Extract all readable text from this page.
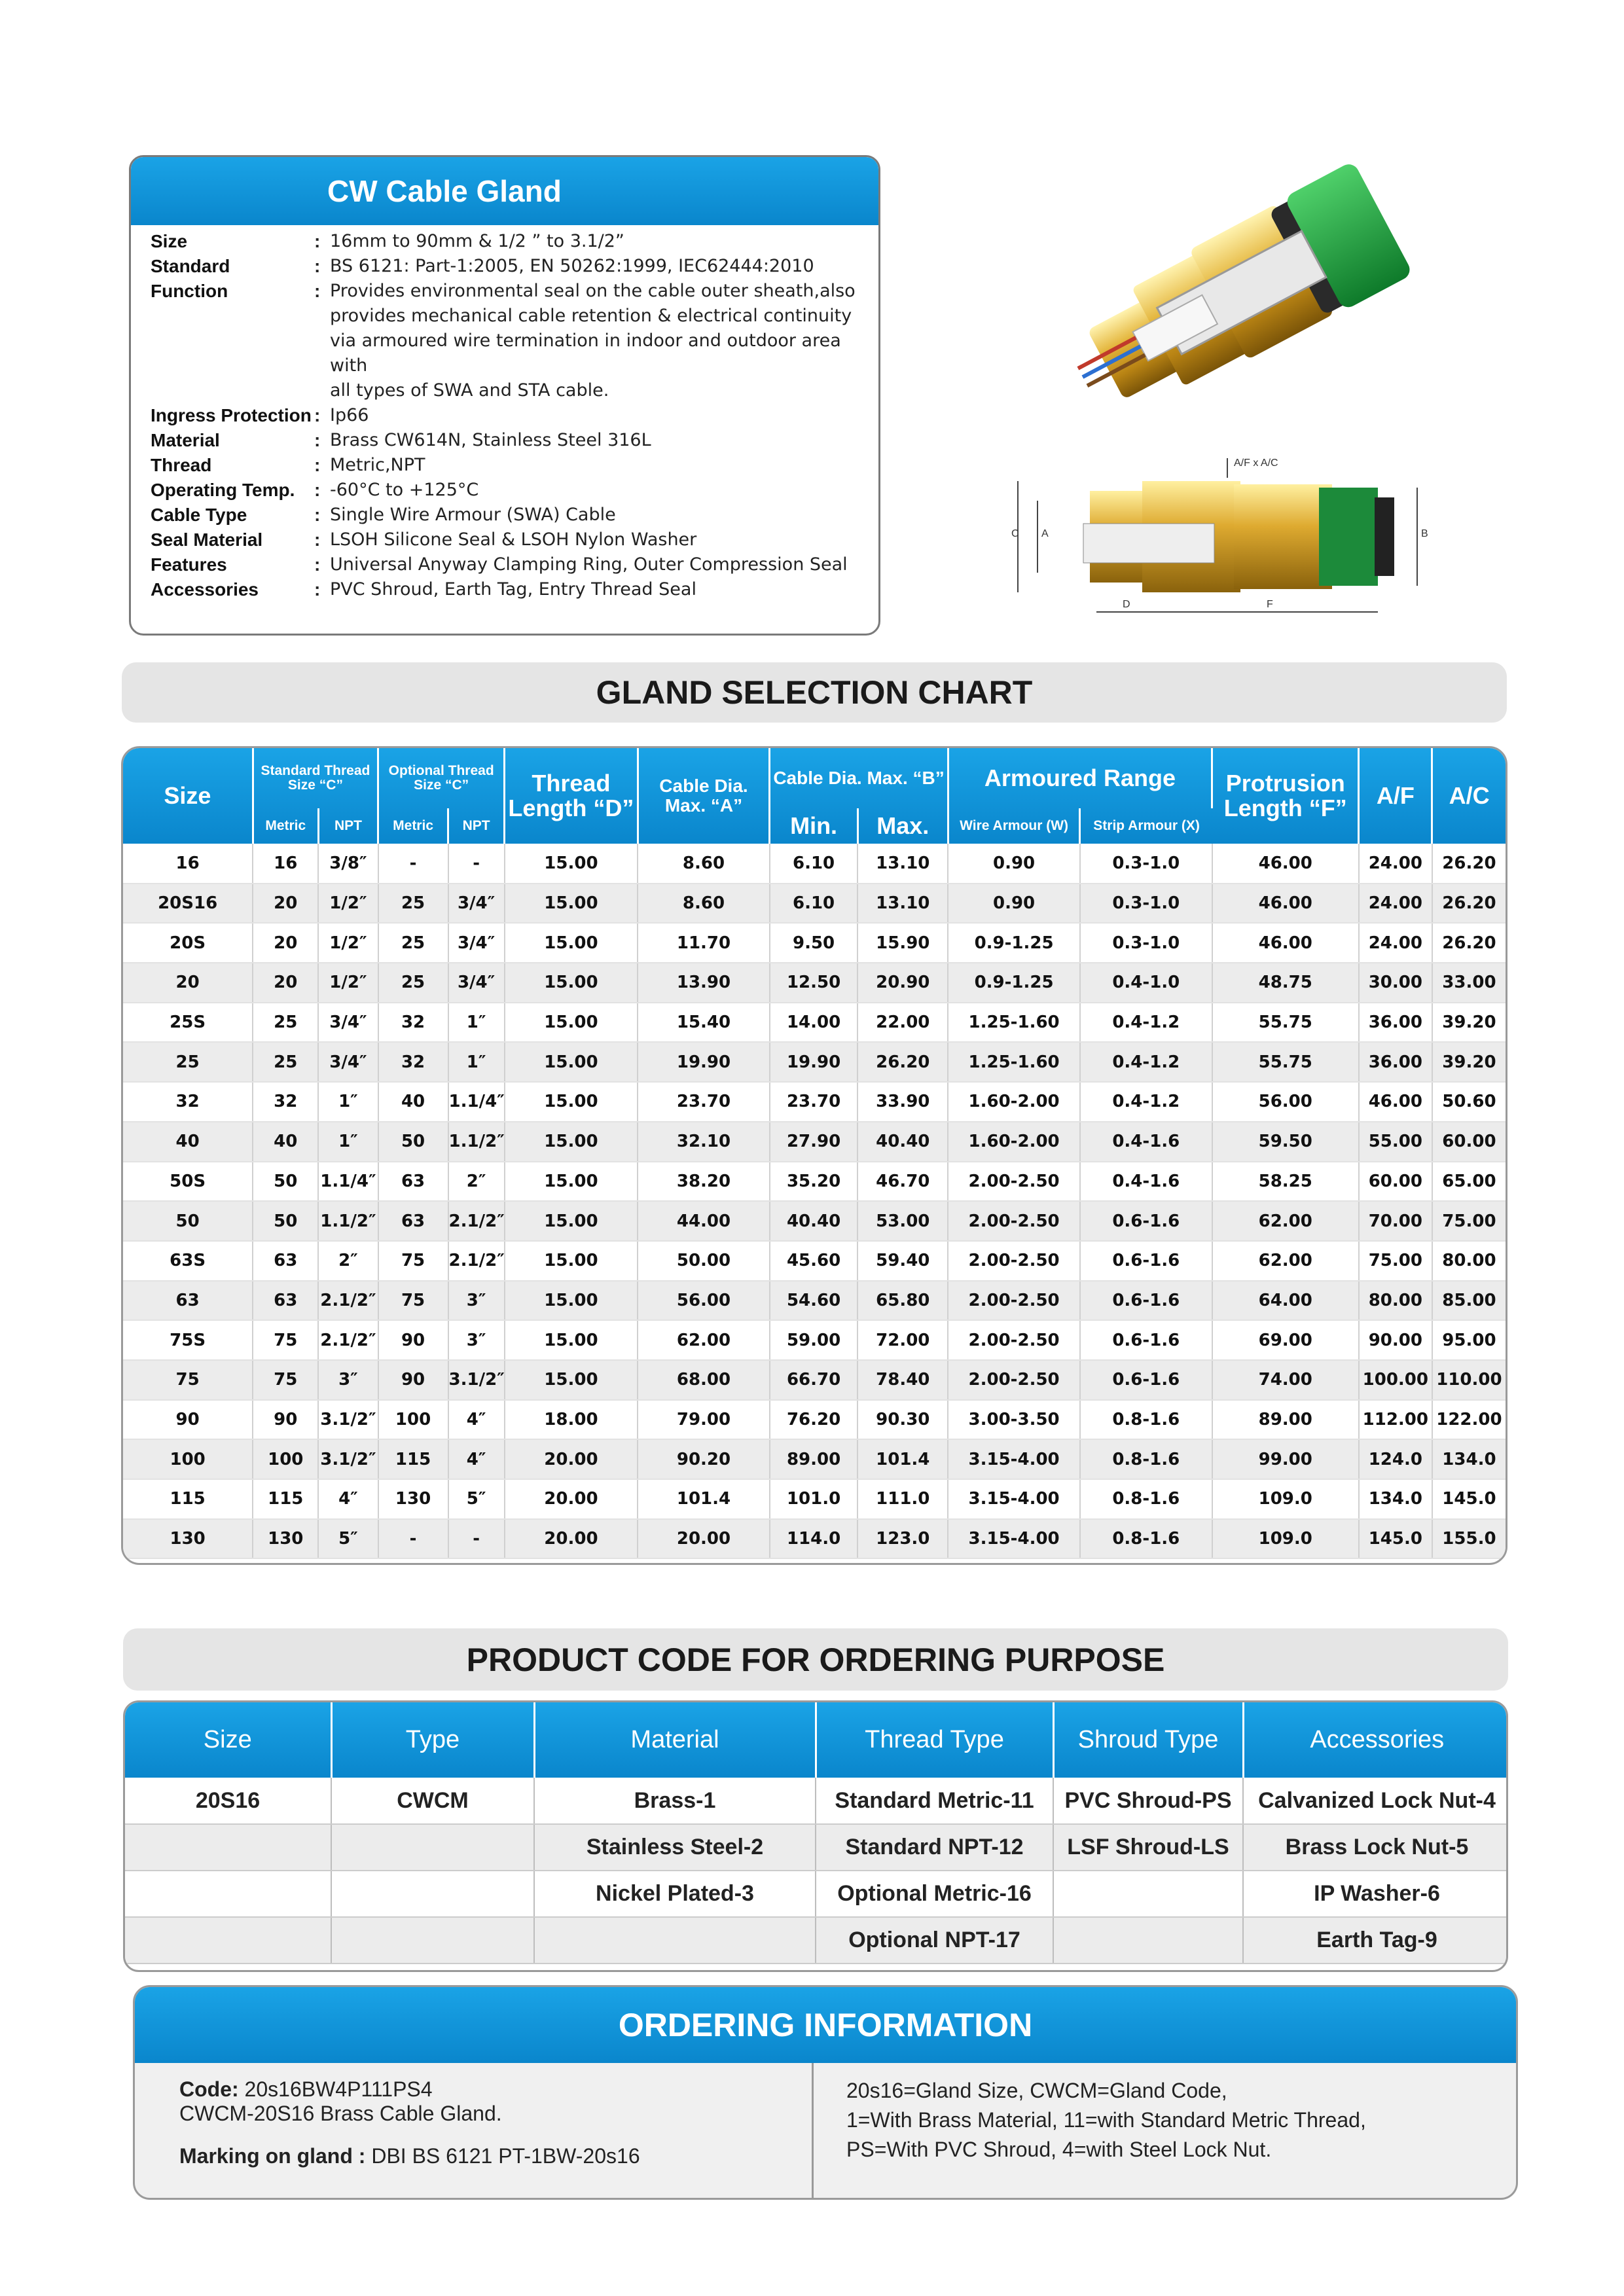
CW Cable Gland
Size	: 16mm to 90mm & 1/2 ” to 3.1/2”
Standard	: BS 6121: Part-1:2005, EN 50262:1999, IEC62444:2010
Function	: Provides environmental seal on the cable outer sheath,also
provides mechanical cable retention & electrical continuity
via armoured wire termination in indoor and outdoor area with
all types of SWA and STA cable.
Ingress Protection : Ip66
Material	: Brass CW614N, Stainless Steel 316L
Thread	: Metric,NPT
Operating Temp.	: -60°C to +125°C
Cable Type	: Single Wire Armour (SWA) Cable
Seal Material	: LSOH Silicone Seal & LSOH Nylon Washer
Features	: Universal Anyway Clamping Ring, Outer Compression Seal
Accessories	: PVC Shroud, Earth Tag, Entry Thread Seal
A/F x A/C
C A	B
D	F
GLAND SELECTION CHART
Size	Standard Thread Size “C”		Optional Thread Size “C”		Thread Length “D”	Cable Dia. Max. “A”	Cable Dia. Max. “B”		Armoured Range		Protrusion Length “F”	A/F	A/C
	Metric	NPT	Metric	NPT			Min.	Max.	Wire Armour (W)	Strip Armour (X)			
16	16	3/8″	-	-	15.00	8.60	6.10	13.10	0.90	0.3-1.0	46.00	24.00	26.20
20S16	20	1/2″	25	3/4″	15.00	8.60	6.10	13.10	0.90	0.3-1.0	46.00	24.00	26.20
20S	20	1/2″	25	3/4″	15.00	11.70	9.50	15.90	0.9-1.25	0.3-1.0	46.00	24.00	26.20
20	20	1/2″	25	3/4″	15.00	13.90	12.50	20.90	0.9-1.25	0.4-1.0	48.75	30.00	33.00
25S	25	3/4″	32	1″	15.00	15.40	14.00	22.00	1.25-1.60	0.4-1.2	55.75	36.00	39.20
25	25	3/4″	32	1″	15.00	19.90	19.90	26.20	1.25-1.60	0.4-1.2	55.75	36.00	39.20
32	32	1″	40	1.1/4″	15.00	23.70	23.70	33.90	1.60-2.00	0.4-1.2	56.00	46.00	50.60
40	40	1″	50	1.1/2″	15.00	32.10	27.90	40.40	1.60-2.00	0.4-1.6	59.50	55.00	60.00
50S	50	1.1/4″	63	2″	15.00	38.20	35.20	46.70	2.00-2.50	0.4-1.6	58.25	60.00	65.00
50	50	1.1/2″	63	2.1/2″	15.00	44.00	40.40	53.00	2.00-2.50	0.6-1.6	62.00	70.00	75.00
63S	63	2″	75	2.1/2″	15.00	50.00	45.60	59.40	2.00-2.50	0.6-1.6	62.00	75.00	80.00
63	63	2.1/2″	75	3″	15.00	56.00	54.60	65.80	2.00-2.50	0.6-1.6	64.00	80.00	85.00
75S	75	2.1/2″	90	3″	15.00	62.00	59.00	72.00	2.00-2.50	0.6-1.6	69.00	90.00	95.00
75	75	3″	90	3.1/2″	15.00	68.00	66.70	78.40	2.00-2.50	0.6-1.6	74.00	100.00	110.00
90	90	3.1/2″	100	4″	18.00	79.00	76.20	90.30	3.00-3.50	0.8-1.6	89.00	112.00	122.00
100	100	3.1/2″	115	4″	20.00	90.20	89.00	101.4	3.15-4.00	0.8-1.6	99.00	124.0	134.0
115	115	4″	130	5″	20.00	101.4	101.0	111.0	3.15-4.00	0.8-1.6	109.0	134.0	145.0
130	130	5″	-	-	20.00	20.00	114.0	123.0	3.15-4.00	0.8-1.6	109.0	145.0	155.0
PRODUCT CODE FOR ORDERING PURPOSE
Size	Type	Material	Thread Type	Shroud Type	Accessories
20S16	CWCM	Brass-1	Standard Metric-11	PVC Shroud-PS	Calvanized Lock Nut-4
		Stainless Steel-2	Standard NPT-12	LSF Shroud-LS	Brass Lock Nut-5
		Nickel Plated-3	Optional Metric-16		IP Washer-6
			Optional NPT-17		Earth Tag-9
ORDERING INFORMATION
Code: 20s16BW4P111PS4
CWCM-20S16 Brass Cable Gland.
Marking on gland : DBI BS 6121 PT-1BW-20s16
20s16=Gland Size, CWCM=Gland Code,
1=With Brass Material, 11=with Standard Metric Thread,
PS=With PVC Shroud, 4=with Steel Lock Nut.
